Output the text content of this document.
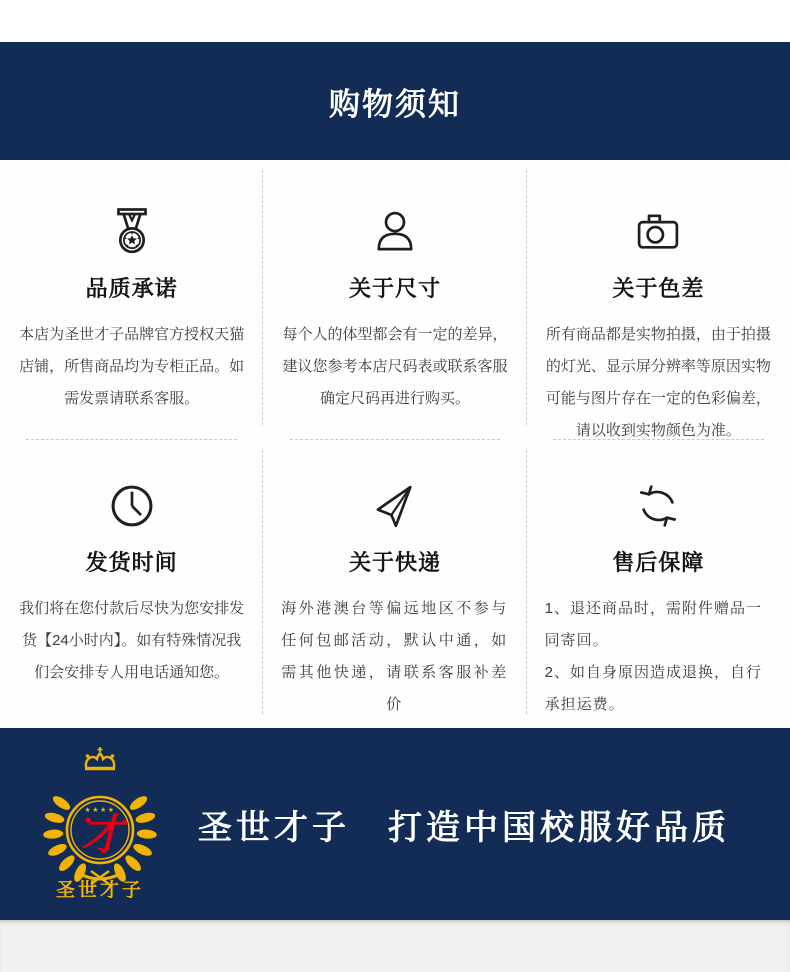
购物须知
品质承诺

本店为圣世才子品牌官方授权天猫店铺，所售商品均为专柜正品。如需发票请联系客服。

关于尺寸

每个人的体型都会有一定的差异，建议您参考本店尺码表或联系客服确定尺码再进行购买。

关于色差

所有商品都是实物拍摄，由于拍摄的灯光、显示屏分辨率等原因实物可能与图片存在一定的色彩偏差，请以收到实物颜色为准。

发货时间

我们将在您付款后尽快为您安排发货【24小时内】。如有特殊情况我们会安排专人用电话通知您。

关于快递

海外港澳台等偏远地区不参与任何包邮活动，默认中通，如需其他快递，请联系客服补差价

售后保障

1、退还商品时，需附件赠品一同寄回。

2、如自身原因造成退换，自行承担运费。

★★★★
才
圣世才子
圣世才子　打造中国校服好品质
